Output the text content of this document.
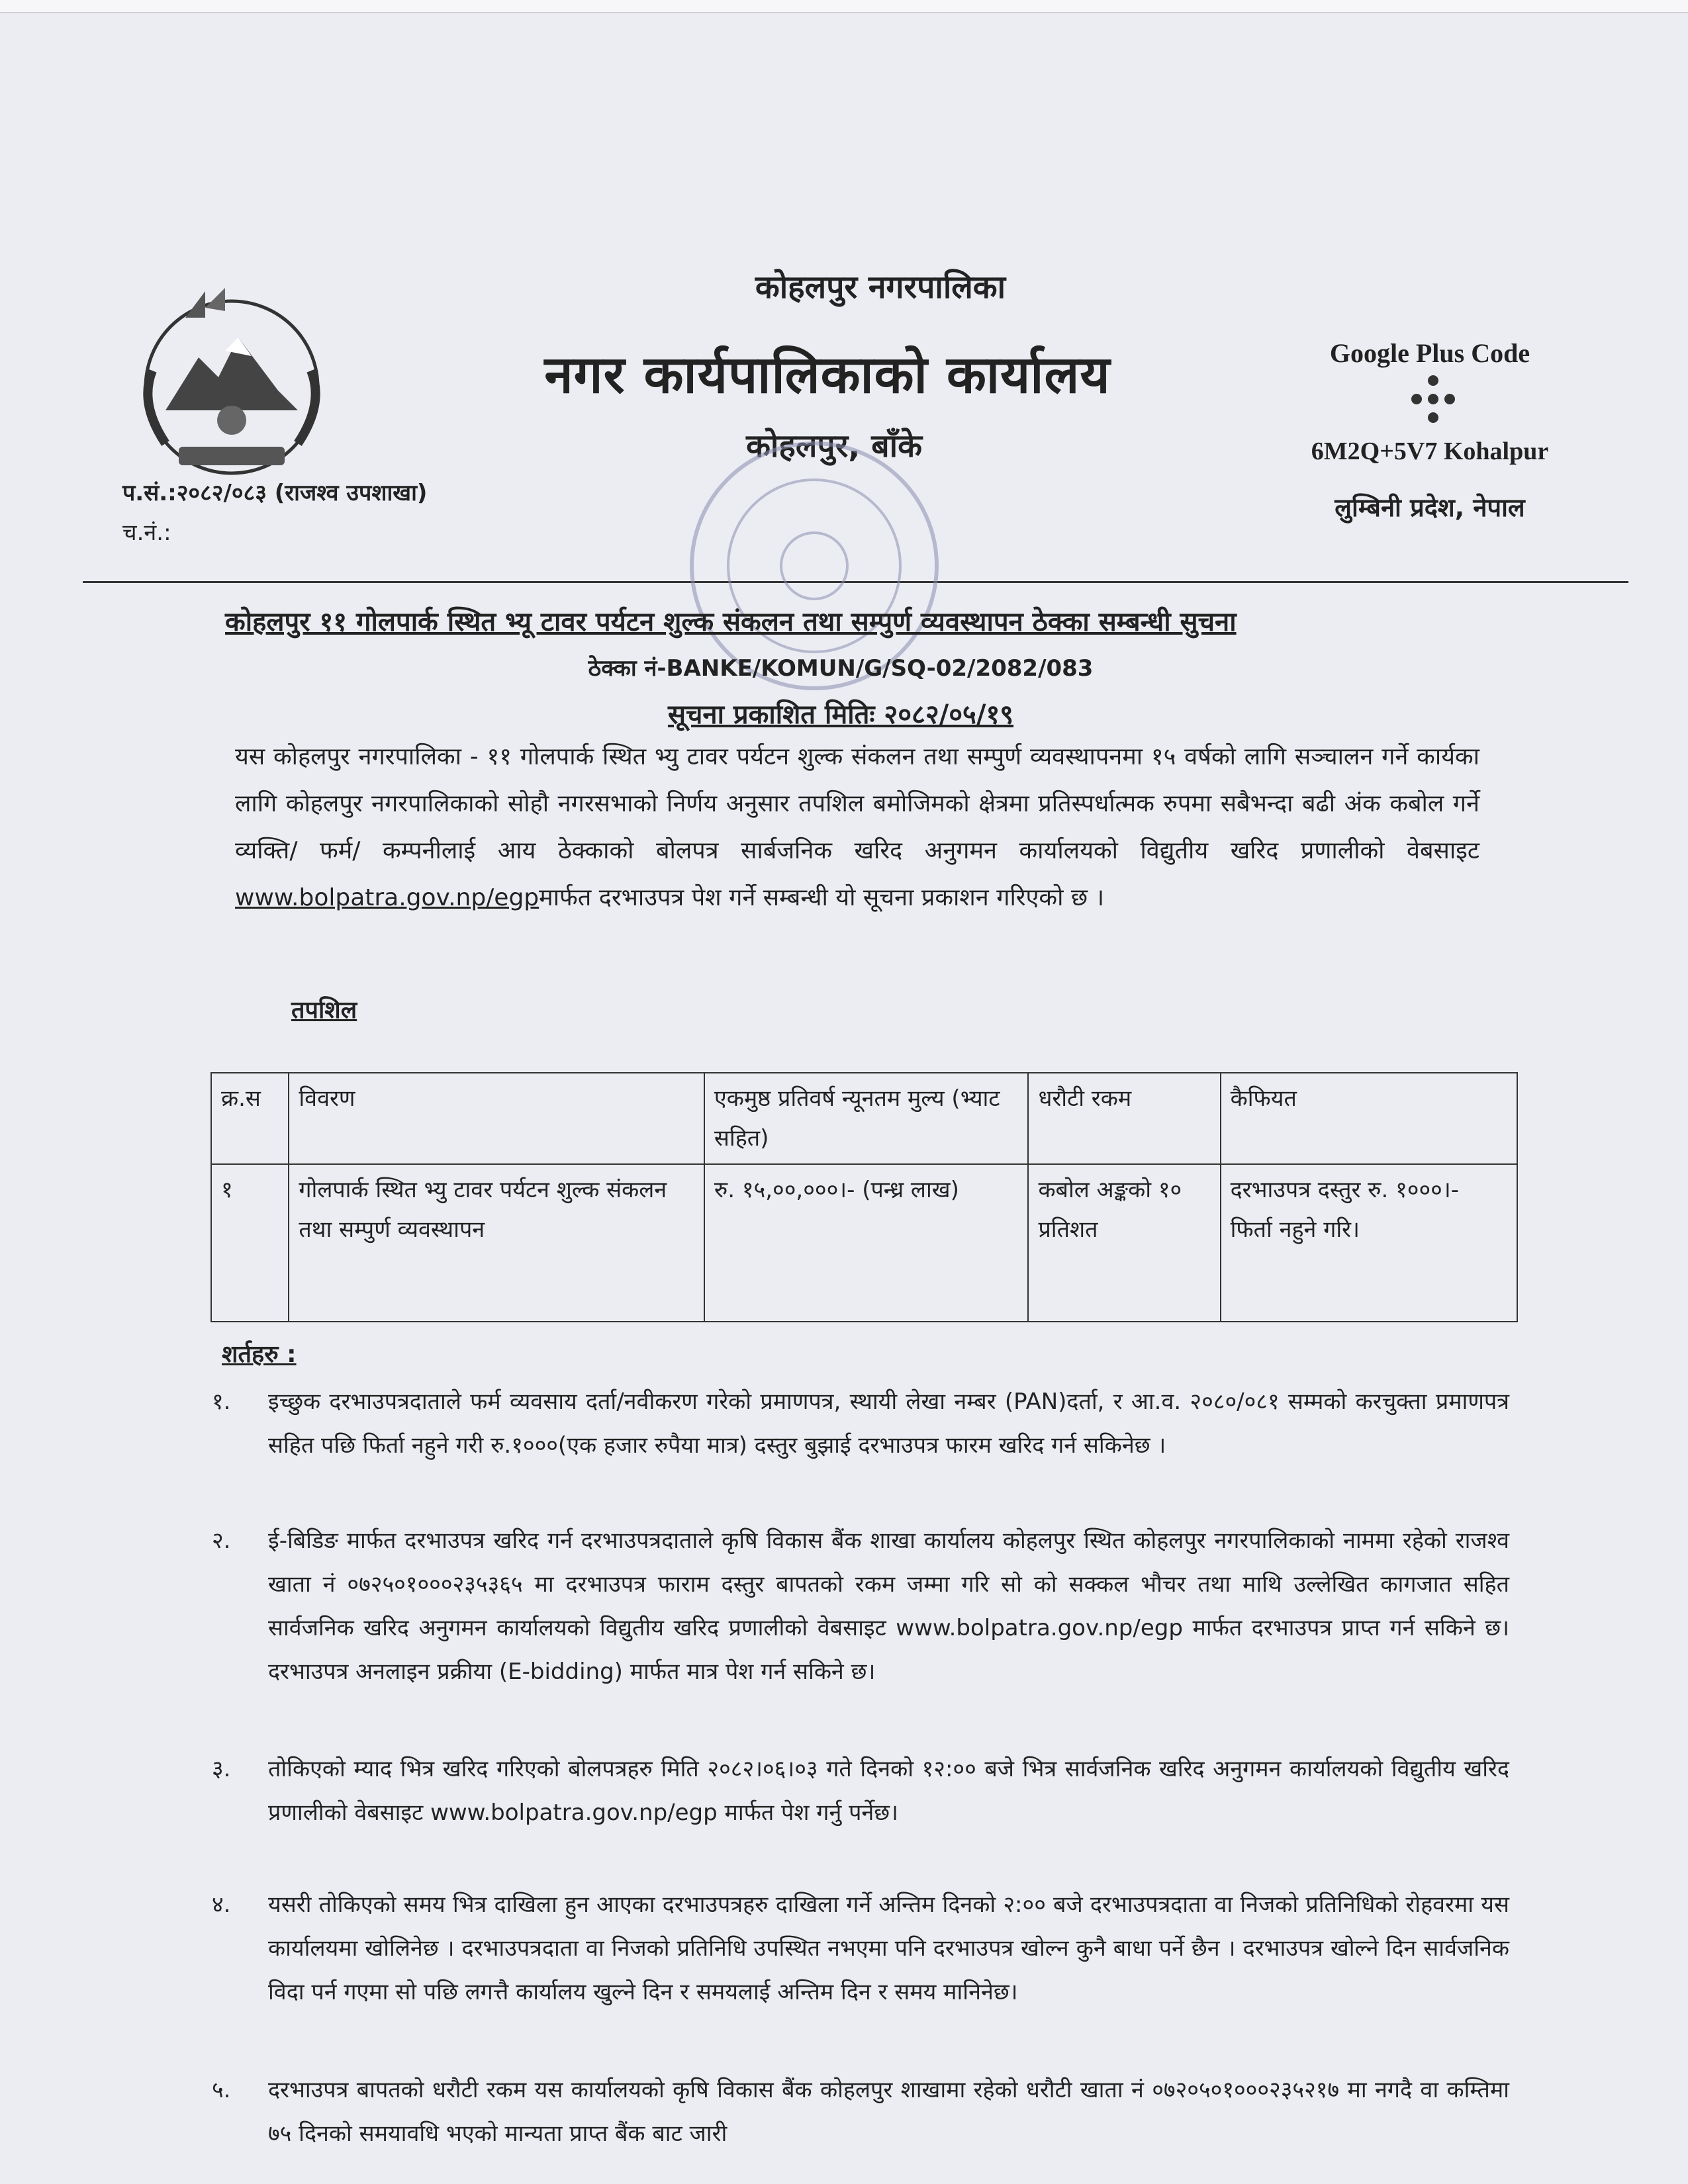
कोहलपुर नगरपालिका
नगर कार्यपालिकाको कार्यालय
कोहलपुर, बाँके
Google Plus Code
6M2Q+5V7 Kohalpur
लुम्बिनी प्रदेश, नेपाल
प.सं.:२०८२/०८३ (राजश्व उपशाखा)
च.नं.:
कोहलपुर ११ गोलपार्क स्थित भ्यू टावर पर्यटन शुल्क संकलन तथा सम्पुर्ण व्यवस्थापन ठेक्का सम्बन्धी सुचना
ठेक्का नं-BANKE/KOMUN/G/SQ-02/2082/083
सूचना प्रकाशित मितिः २०८२/०५/१९
यस कोहलपुर नगरपालिका - ११ गोलपार्क स्थित भ्यु टावर पर्यटन शुल्क संकलन तथा सम्पुर्ण व्यवस्थापनमा १५ वर्षको लागि सञ्चालन गर्ने कार्यका लागि कोहलपुर नगरपालिकाको सोहौ नगरसभाको निर्णय अनुसार तपशिल बमोजिमको क्षेत्रमा प्रतिस्पर्धात्मक रुपमा सबैभन्दा बढी अंक कबोल गर्ने व्यक्ति/ फर्म/ कम्पनीलाई आय ठेक्काको बोलपत्र सार्बजनिक खरिद अनुगमन कार्यालयको विद्युतीय खरिद प्रणालीको वेबसाइट www.bolpatra.gov.np/egpमार्फत दरभाउपत्र पेश गर्ने सम्बन्धी यो सूचना प्रकाशन गरिएको छ ।
तपशिल
क्र.स	विवरण	एकमुष्ठ प्रतिवर्ष न्यूनतम मुल्य (भ्याट सहित)	धरौटी रकम	कैफियत
१	गोलपार्क स्थित भ्यु टावर पर्यटन शुल्क संकलन तथा सम्पुर्ण व्यवस्थापन	रु. १५,००,०००।- (पन्ध्र लाख)	कबोल अङ्कको १० प्रतिशत	दरभाउपत्र दस्तुर रु. १०००।- फिर्ता नहुने गरि।
शर्तहरु :
१.	इच्छुक दरभाउपत्रदाताले फर्म व्यवसाय दर्ता/नवीकरण गरेको प्रमाणपत्र, स्थायी लेखा नम्बर (PAN)दर्ता, र आ.व. २०८०/०८१ सम्मको करचुक्ता प्रमाणपत्र सहित पछि फिर्ता नहुने गरी रु.१०००(एक हजार रुपैया मात्र) दस्तुर बुझाई दरभाउपत्र फारम खरिद गर्न सकिनेछ ।
२.	ई-बिडिङ मार्फत दरभाउपत्र खरिद गर्न दरभाउपत्रदाताले कृषि विकास बैंक शाखा कार्यालय कोहलपुर स्थित कोहलपुर नगरपालिकाको नाममा रहेको राजश्व खाता नं ०७२५०१०००२३५३६५ मा दरभाउपत्र फाराम दस्तुर बापतको रकम जम्मा गरि सो को सक्कल भौचर तथा माथि उल्लेखित कागजात सहित सार्वजनिक खरिद अनुगमन कार्यालयको विद्युतीय खरिद प्रणालीको वेबसाइट www.bolpatra.gov.np/egp मार्फत दरभाउपत्र प्राप्त गर्न सकिने छ। दरभाउपत्र अनलाइन प्रक्रीया (E-bidding) मार्फत मात्र पेश गर्न सकिने छ।
३.	तोकिएको म्याद भित्र खरिद गरिएको बोलपत्रहरु मिति २०८२।०६।०३ गते दिनको १२:०० बजे भित्र सार्वजनिक खरिद अनुगमन कार्यालयको विद्युतीय खरिद प्रणालीको वेबसाइट www.bolpatra.gov.np/egp मार्फत पेश गर्नु पर्नेछ।
४.	यसरी तोकिएको समय भित्र दाखिला हुन आएका दरभाउपत्रहरु दाखिला गर्ने अन्तिम दिनको २:०० बजे दरभाउपत्रदाता वा निजको प्रतिनिधिको रोहवरमा यस कार्यालयमा खोलिनेछ । दरभाउपत्रदाता वा निजको प्रतिनिधि उपस्थित नभएमा पनि दरभाउपत्र खोल्न कुनै बाधा पर्ने छैन । दरभाउपत्र खोल्ने दिन सार्वजनिक विदा पर्न गएमा सो पछि लगत्तै कार्यालय खुल्ने दिन र समयलाई अन्तिम दिन र समय मानिनेछ।
५.	दरभाउपत्र बापतको धरौटी रकम यस कार्यालयको कृषि विकास बैंक कोहलपुर शाखामा रहेको धरौटी खाता नं ०७२०५०१०००२३५२१७ मा नगदै वा कम्तिमा ७५ दिनको समयावधि भएको मान्यता प्राप्त बैंक बाट जारी
